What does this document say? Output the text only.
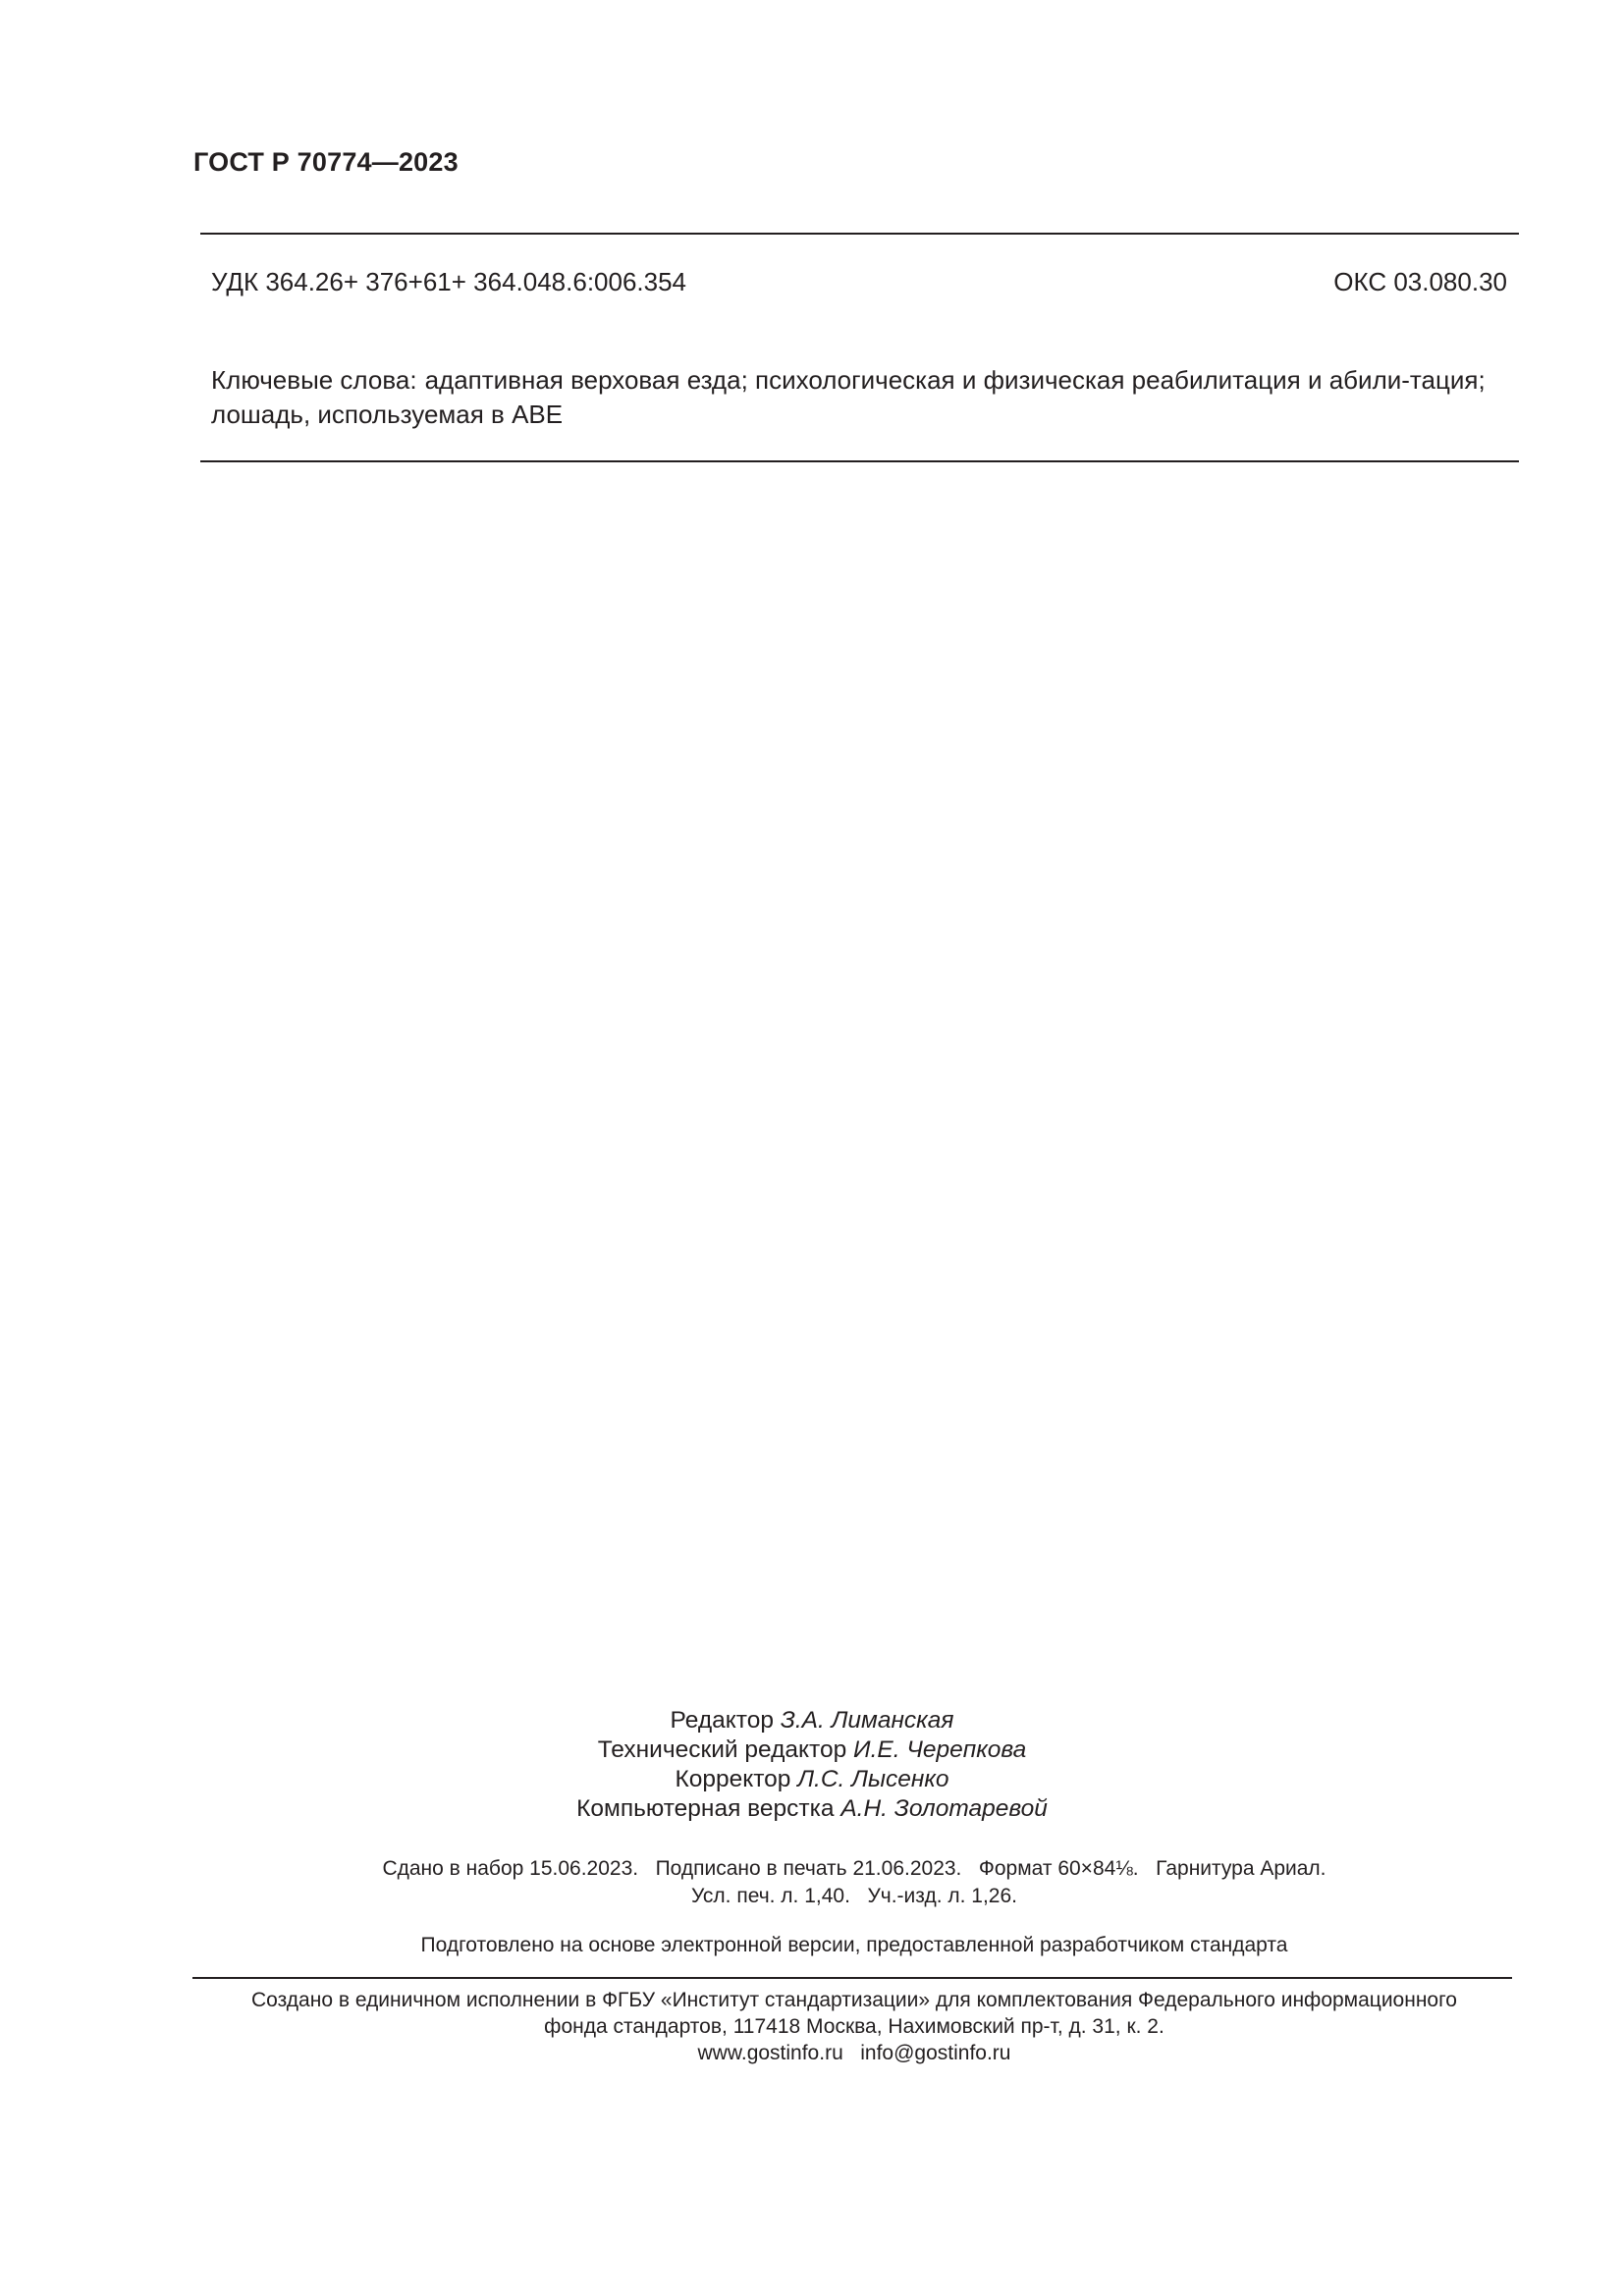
ГОСТ Р 70774—2023
УДК 364.26+ 376+61+ 364.048.6:006.354	ОКС 03.080.30
Ключевые слова: адаптивная верховая езда; психологическая и физическая реабилитация и абили-тация; лошадь, используемая в АВЕ
Редактор З.А. Лиманская
Технический редактор И.Е. Черепкова
Корректор Л.С. Лысенко
Компьютерная верстка А.Н. Золотаревой
Сдано в набор 15.06.2023.   Подписано в печать 21.06.2023.   Формат 60×84⅛.   Гарнитура Ариал.
Усл. печ. л. 1,40.   Уч.-изд. л. 1,26.
Подготовлено на основе электронной версии, предоставленной разработчиком стандарта
Создано в единичном исполнении в ФГБУ «Институт стандартизации» для комплектования Федерального информационного
фонда стандартов, 117418 Москва, Нахимовский пр-т, д. 31, к. 2.
www.gostinfo.ru   info@gostinfo.ru
